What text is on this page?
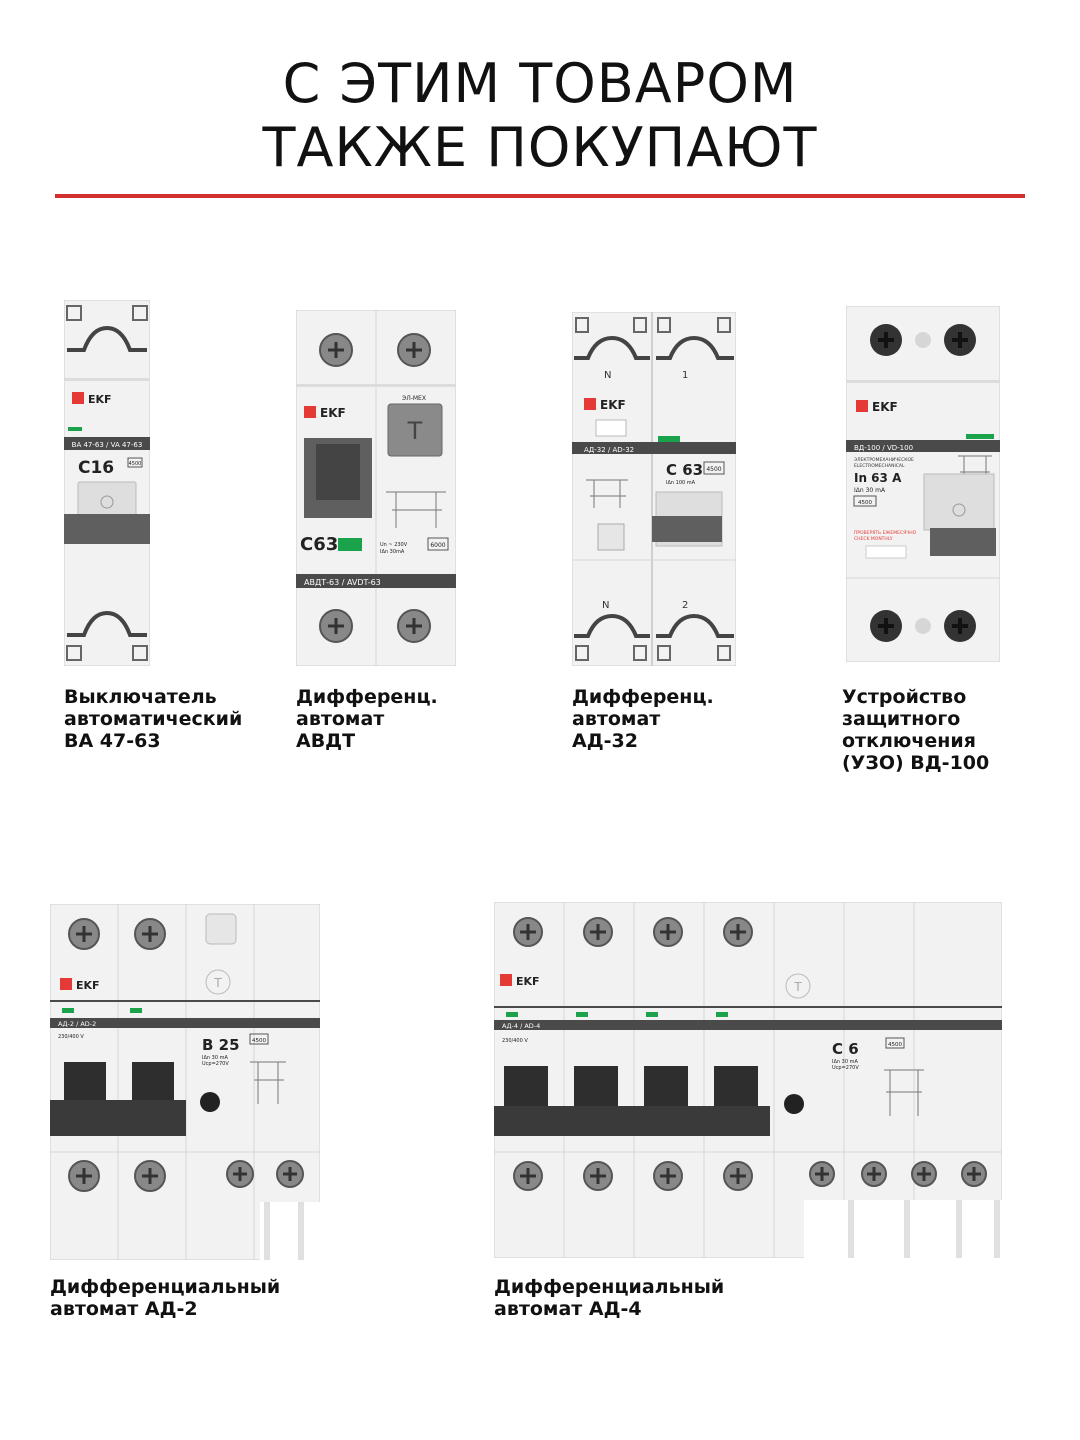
С ЭТИМ ТОВАРОМ
ТАКЖЕ ПОКУПАЮТ
EKF
ВА 47-63 / VA 47-63
С16	4500
Выключатель
автоматический
ВА 47-63
EKF
ЭЛ-МЕХ
T
С63	Un ~ 230V
IΔn 30mA
6000
АВДТ-63 / AVDT-63
Дифференц.
автомат
АВДТ
N	1
EKF
АД-32 / AD-32
C 63
IΔn 100 mA
4500
N	2
Дифференц.
автомат
АД-32
EKF
ВД-100 / VD-100
ЭЛЕКТРОМЕХАНИЧЕСКОЕ
ELECTROMECHANICAL
In 63 A
IΔn 30 mA
4500
ПРОВЕРЯТЬ ЕЖЕМЕСЯЧНО
CHECK MONTHLY
Устройство
защитного
отключения
(УЗО) ВД-100
EKF	T
АД-2 / AD-2
230/400 V	B 25
IΔn 30 mA
Ucp=270V
4500
Дифференциальный
автомат АД-2
EKF	T
АД-4 / AD-4
230/400 V	C 6
IΔn 30 mA
Ucp=270V
4500
Дифференциальный
автомат АД-4
